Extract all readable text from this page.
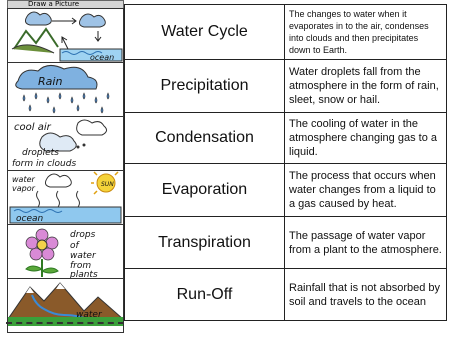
Draw a Picture
ocean
Rain
cool air
droplets
form in clouds
water
vapor	SUN
ocean
drops
of
water
from
plants
water
Water Cycle	The changes to water when it evaporates in to the air, condenses into clouds and then precipitates down to Earth.
Precipitation	Water droplets fall from the atmosphere in the form of rain, sleet, snow or hail.
Condensation	The cooling of water in the atmosphere changing gas to a liquid.
Evaporation	The process that occurs when water changes from a liquid to a gas caused by heat.
Transpiration	The passage of water vapor from a plant to the atmosphere.
Run-Off	Rainfall that is not absorbed by soil and travels to the ocean
